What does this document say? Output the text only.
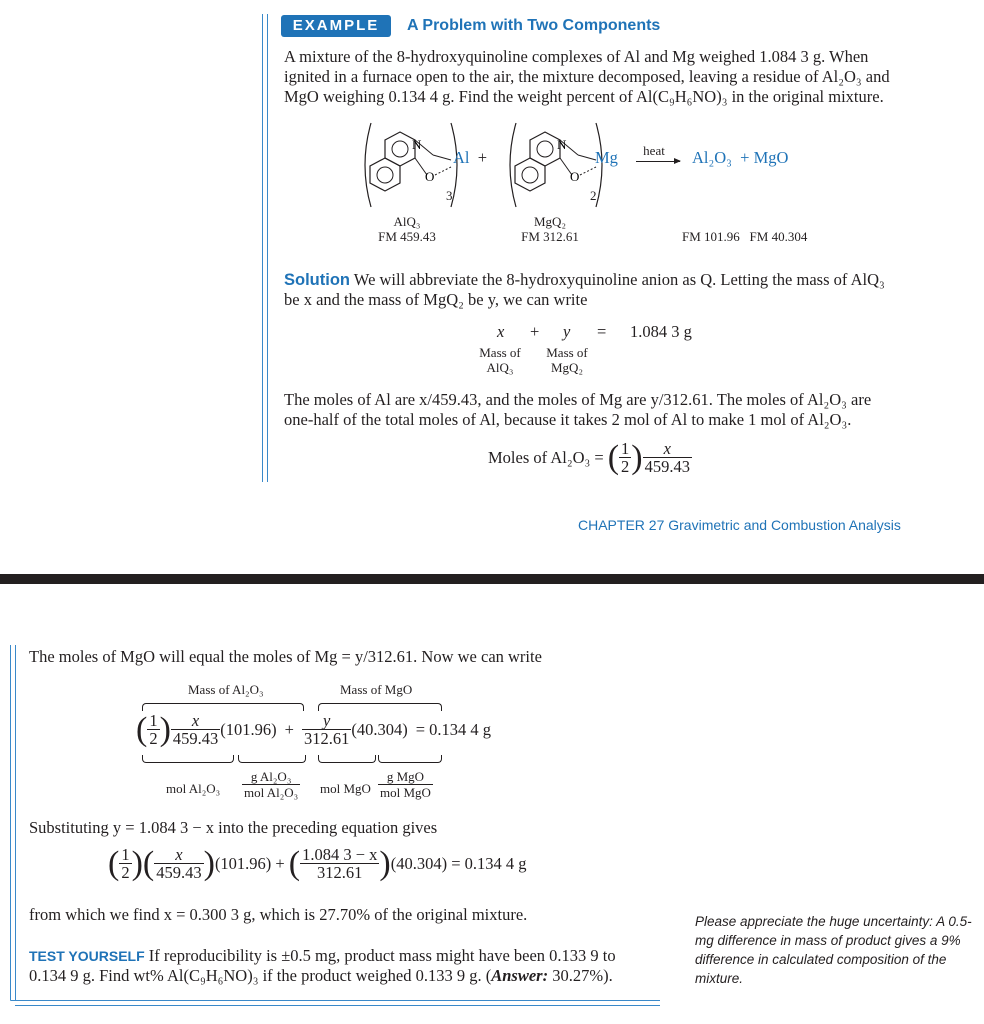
EXAMPLE	A Problem with Two Components
A mixture of the 8-hydroxyquinoline complexes of Al and Mg weighed 1.084 3 g. When
ignited in a furnace open to the air, the mixture decomposed, leaving a residue of Al₂O₃ and
MgO weighing 0.134 4 g. Find the weight percent of Al(C₉H₆NO)₃ in the original mixture.
N
O
Al +
3
N
O
Mg
2
heat	Al₂O₃  + MgO
AlQ₃
FM 459.43
MgQ₂
FM 312.61	FM 101.96   FM 40.304
Solution We will abbreviate the 8-hydroxyquinoline anion as Q. Letting the mass of AlQ₃
be x and the mass of MgQ₂ be y, we can write
x + y = 1.084 3 g
Mass of
AlQ₃
Mass of
MgQ₂
The moles of Al are x/459.43, and the moles of Mg are y/312.61. The moles of Al₂O₃ are
one-half of the total moles of Al, because it takes 2 mol of Al to make 1 mol of Al₂O₃.
Moles of Al₂O₃ = ( $\frac{1}{2}$ ) $\frac{x}{459.43}$
CHAPTER 27 Gravimetric and Combustion Analysis
The moles of MgO will equal the moles of Mg = y/312.61. Now we can write
Mass of Al₂O₃	Mass of MgO
( $\frac{1}{2}$ ) $\frac{x}{459.43} (101.96) + \frac{y}{312.61} (40.304) = 0.134$ 4 g
mol Al₂O₃
g Al₂O₃
mol Al₂O₃ mol MgO
g MgO
mol MgO
Substituting y = 1.084 3 − x into the preceding equation gives
( $\frac{1}{2}$ ) ( $\frac{x}{459.43}$ ) (101.96) + ( $\frac{1.084 3 - x}{312.61}$ ) (40.304) = 0.134 4 g
from which we find x = 0.300 3 g, which is 27.70% of the original mixture.
TEST YOURSELF If reproducibility is ±0.5 mg, product mass might have been 0.133 9 to
0.134 9 g. Find wt% Al(C₉H₆NO)₃ if the product weighed 0.133 9 g. (Answer: 30.27%).
Please appreciate the huge uncertainty: A 0.5-mg difference in mass of product gives a 9% difference in calculated composition of the mixture.
